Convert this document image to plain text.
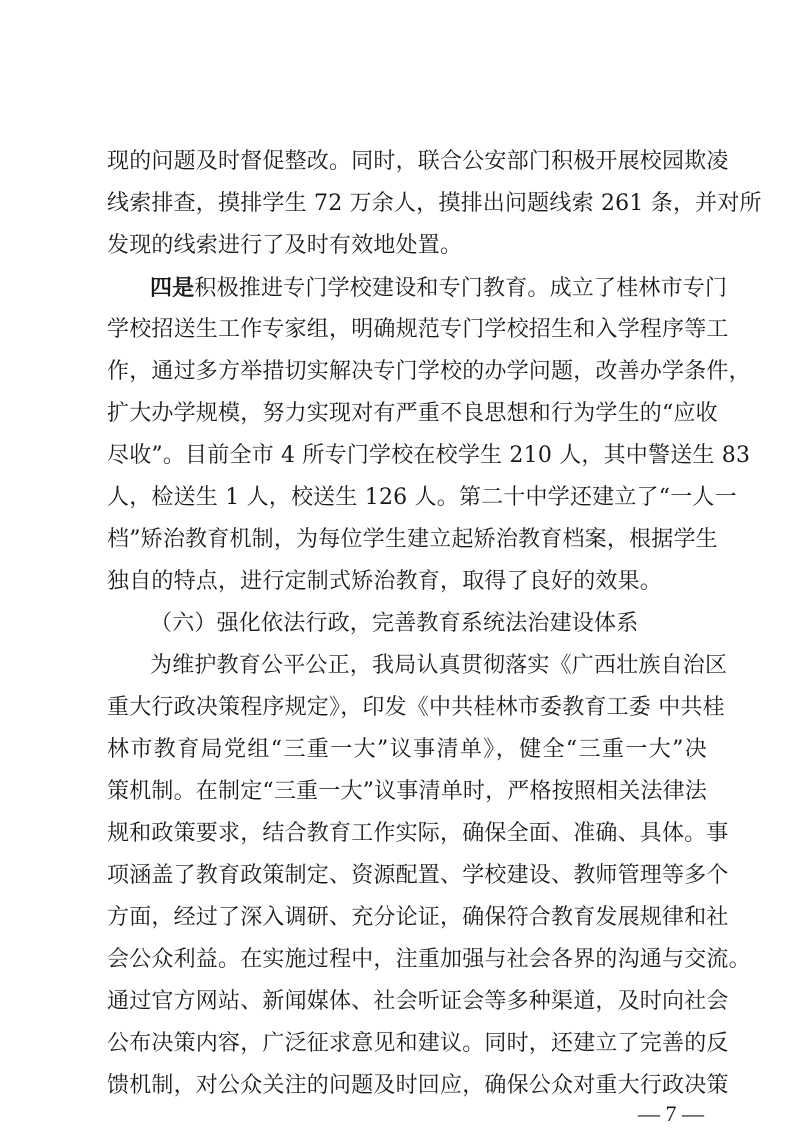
现的问题及时督促整改。同时，联合公安部门积极开展校园欺凌
线索排查，摸排学生 72 万余人，摸排出问题线索 261 条，并对所
发现的线索进行了及时有效地处置。
四是积极推进专门学校建设和专门教育。成立了桂林市专门
学校招送生工作专家组，明确规范专门学校招生和入学程序等工
作，通过多方举措切实解决专门学校的办学问题，改善办学条件，
扩大办学规模，努力实现对有严重不良思想和行为学生的“应收
尽收”。目前全市 4 所专门学校在校学生 210 人，其中警送生 83
人，检送生 1 人，校送生 126 人。第二十中学还建立了“一人一
档”矫治教育机制，为每位学生建立起矫治教育档案，根据学生
独自的特点，进行定制式矫治教育，取得了良好的效果。
（六）强化依法行政，完善教育系统法治建设体系
为维护教育公平公正，我局认真贯彻落实《广西壮族自治区
重大行政决策程序规定》，印发《中共桂林市委教育工委 中共桂
林市教育局党组“三重一大”议事清单》，健全“三重一大”决
策机制。在制定“三重一大”议事清单时，严格按照相关法律法
规和政策要求，结合教育工作实际，确保全面、准确、具体。事
项涵盖了教育政策制定、资源配置、学校建设、教师管理等多个
方面，经过了深入调研、充分论证，确保符合教育发展规律和社
会公众利益。在实施过程中，注重加强与社会各界的沟通与交流。
通过官方网站、新闻媒体、社会听证会等多种渠道，及时向社会
公布决策内容，广泛征求意见和建议。同时，还建立了完善的反
馈机制，对公众关注的问题及时回应，确保公众对重大行政决策
— 7 —
